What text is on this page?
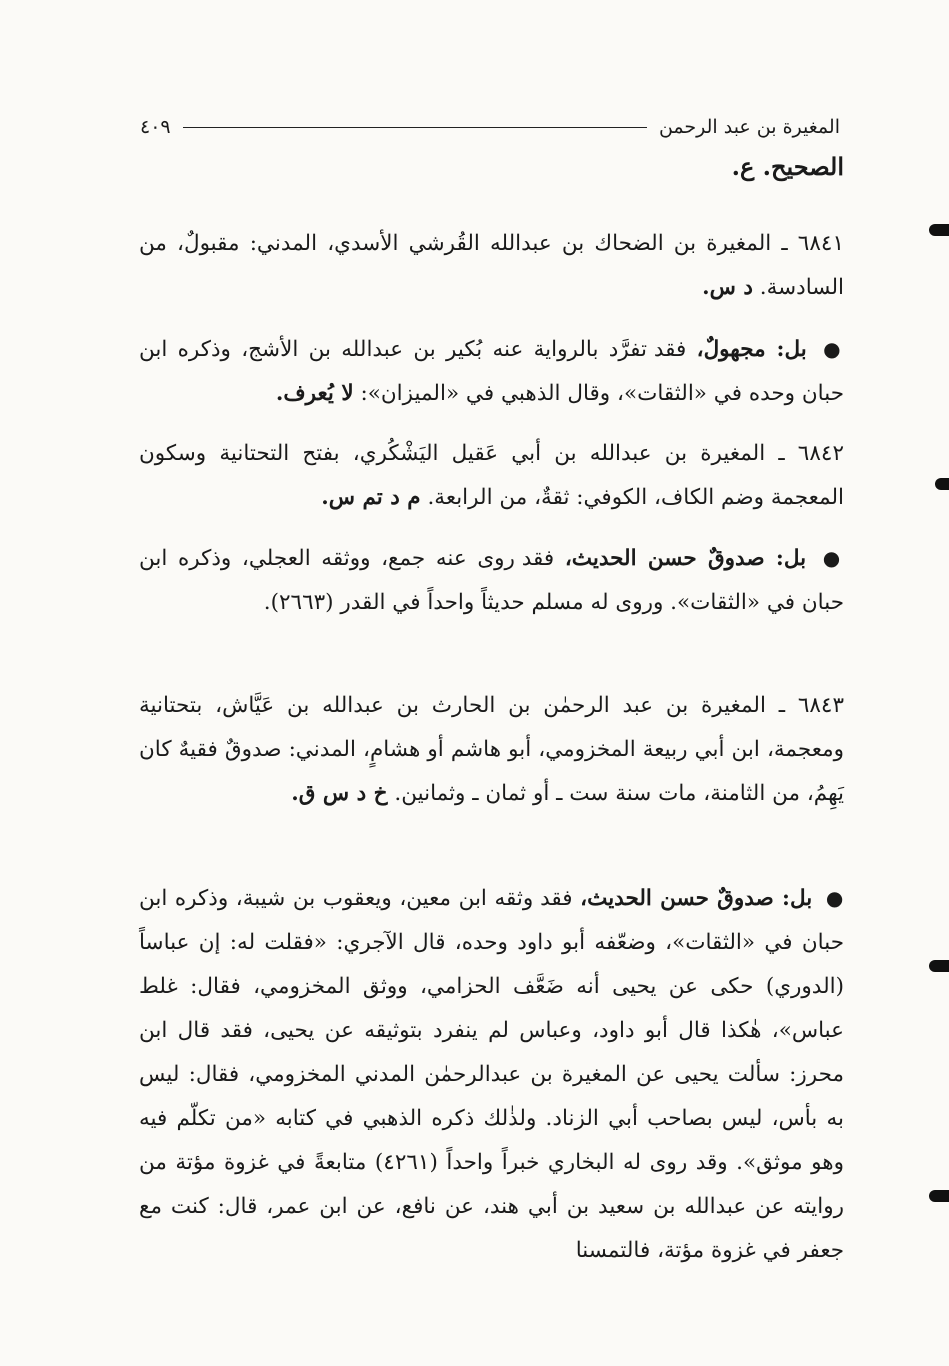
المغيرة بن عبد الرحمن
٤٠٩
الصحيح. ع.

٦٨٤١ ـ المغيرة بن الضحاك بن عبدالله القُرشي الأسدي، المدني: مقبولٌ، من السادسة. د س.

● بل: مجهولٌ، فقد تفرَّد بالرواية عنه بُكير بن عبدالله بن الأشج، وذكره ابن حبان وحده في «الثقات»، وقال الذهبي في «الميزان»: لا يُعرف.

٦٨٤٢ ـ المغيرة بن عبدالله بن أبي عَقيل اليَشْكُري، بفتح التحتانية وسكون المعجمة وضم الكاف، الكوفي: ثقةٌ، من الرابعة. م د تم س.

● بل: صدوقٌ حسن الحديث، فقد روى عنه جمع، ووثقه العجلي، وذكره ابن حبان في «الثقات». وروى له مسلم حديثاً واحداً في القدر (٢٦٦٣).

٦٨٤٣ ـ المغيرة بن عبد الرحمٰن بن الحارث بن عبدالله بن عَيَّاش، بتحتانية ومعجمة، ابن أبي ربيعة المخزومي، أبو هاشم أو هشامٍ، المدني: صدوقٌ فقيهٌ كان يَهِمُ، من الثامنة، مات سنة ست ـ أو ثمان ـ وثمانين. خ د س ق.

● بل: صدوقٌ حسن الحديث، فقد وثقه ابن معين، ويعقوب بن شيبة، وذكره ابن حبان في «الثقات»، وضعّفه أبو داود وحده، قال الآجري: «فقلت له: إن عباساً (الدوري) حكى عن يحيى أنه ضَعَّف الحزامي، ووثق المخزومي، فقال: غلط عباس»، هٰكذا قال أبو داود، وعباس لم ينفرد بتوثيقه عن يحيى، فقد قال ابن محرز: سألت يحيى عن المغيرة بن عبدالرحمٰن المدني المخزومي، فقال: ليس به بأس، ليس بصاحب أبي الزناد. ولذٰلك ذكره الذهبي في كتابه «من تكلّم فيه وهو موثق». وقد روى له البخاري خبراً واحداً (٤٢٦١) متابعةً في غزوة مؤتة من روايته عن عبدالله بن سعيد بن أبي هند، عن نافع، عن ابن عمر، قال: كنت مع جعفر في غزوة مؤتة، فالتمسنا
